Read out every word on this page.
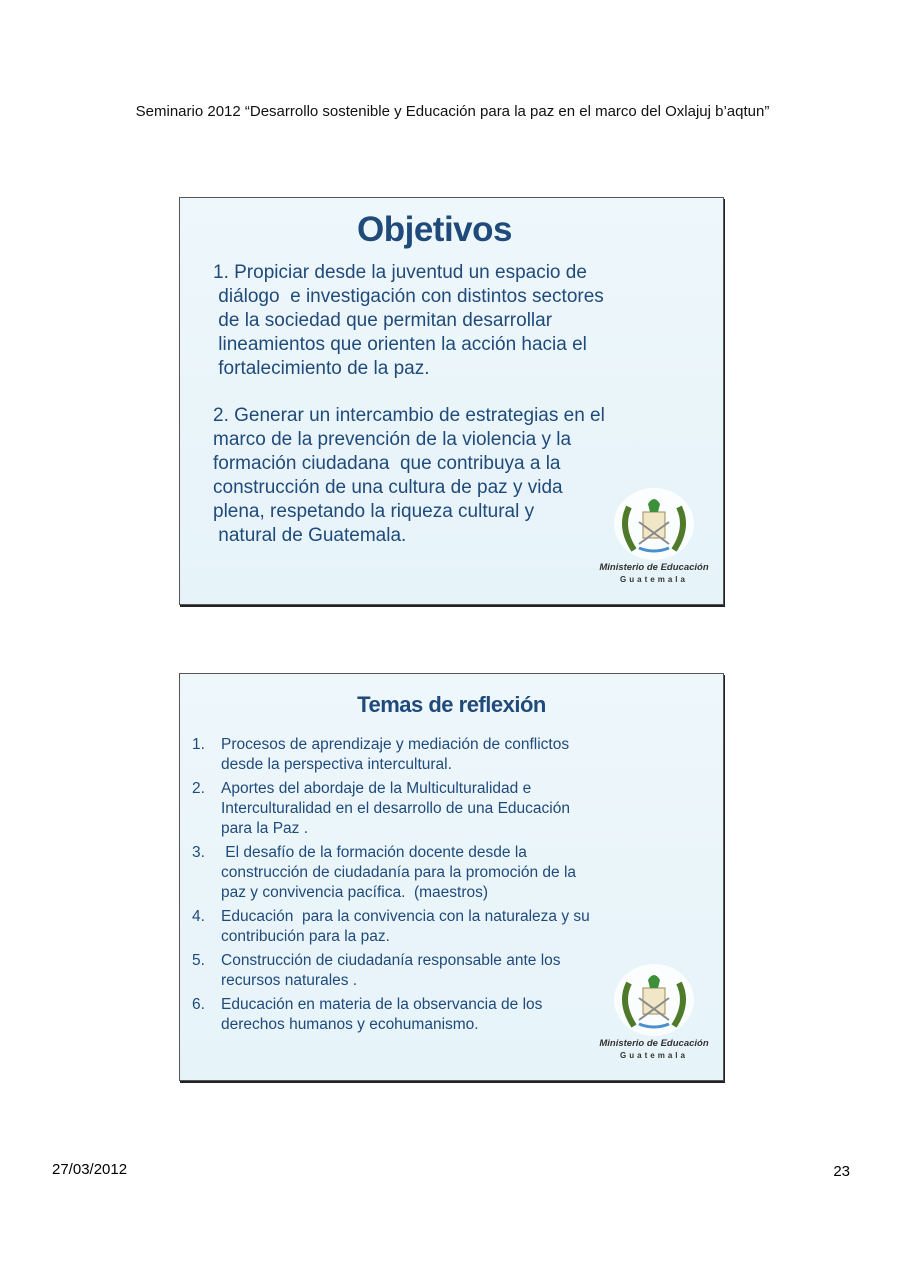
Seminario 2012 “Desarrollo sostenible y Educación para la paz en el marco del Oxlajuj b’aqtun”
Objetivos
1. Propiciar desde la juventud un espacio de
diálogo  e investigación con distintos sectores
de la sociedad que permitan desarrollar
lineamientos que orienten la acción hacia el
fortalecimiento de la paz.
2. Generar un intercambio de estrategias en el
marco de la prevención de la violencia y la
formación ciudadana  que contribuya a la
construcción de una cultura de paz y vida
plena, respetando la riqueza cultural y
natural de Guatemala.
Ministerio de Educación
Guatemala
Temas de reflexión
1. Procesos de aprendizaje y mediación de conflictos
desde la perspectiva intercultural.
2. Aportes del abordaje de la Multiculturalidad e
Interculturalidad en el desarrollo de una Educación
para la Paz .
3. El desafío de la formación docente desde la
construcción de ciudadanía para la promoción de la
paz y convivencia pacífica.  (maestros)
4. Educación  para la convivencia con la naturaleza y su
contribución para la paz.
5. Construcción de ciudadanía responsable ante los
recursos naturales .
6. Educación en materia de la observancia de los
derechos humanos y ecohumanismo.
Ministerio de Educación
Guatemala
27/03/2012	23
